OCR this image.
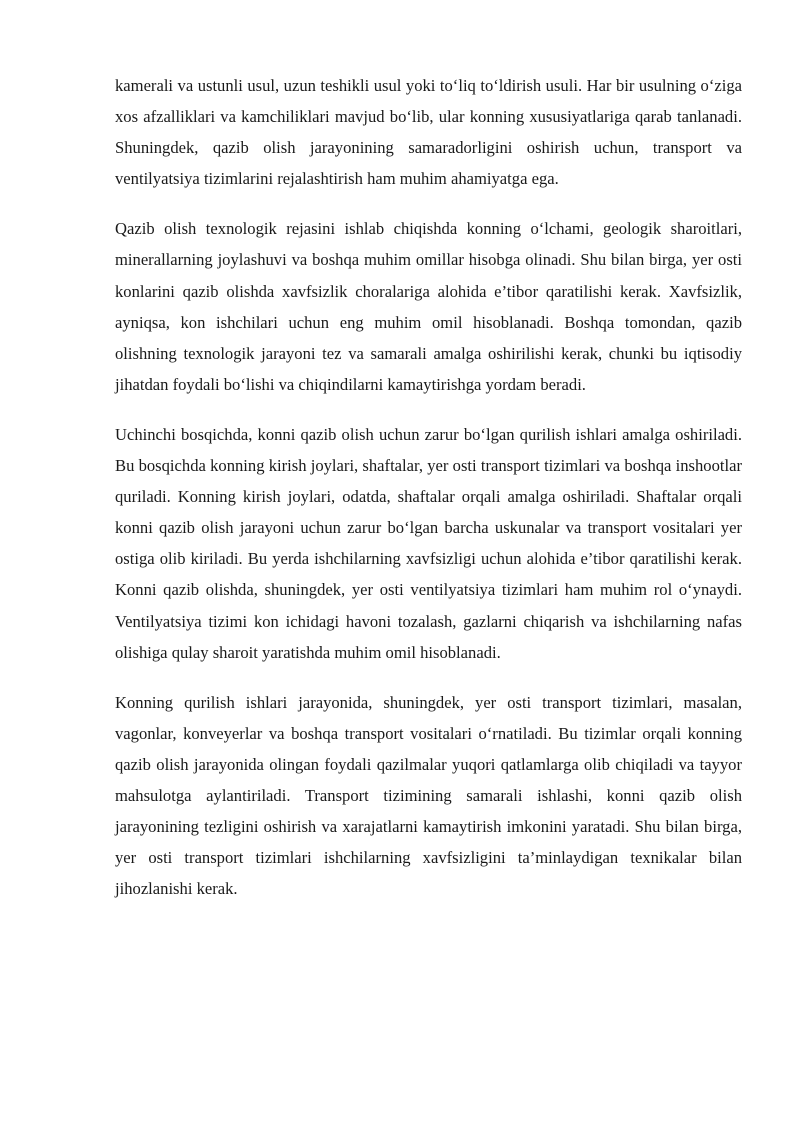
kamerali va ustunli usul, uzun teshikli usul yoki to‘liq to‘ldirish usuli. Har bir usulning o‘ziga xos afzalliklari va kamchiliklari mavjud bo‘lib, ular konning xususiyatlariga qarab tanlanadi. Shuningdek, qazib olish jarayonining samaradorligini oshirish uchun, transport va ventilyatsiya tizimlarini rejalashtirish ham muhim ahamiyatga ega.

Qazib olish texnologik rejasini ishlab chiqishda konning o‘lchami, geologik sharoitlari, minerallarning joylashuvi va boshqa muhim omillar hisobga olinadi. Shu bilan birga, yer osti konlarini qazib olishda xavfsizlik choralariga alohida e’tibor qaratilishi kerak. Xavfsizlik, ayniqsa, kon ishchilari uchun eng muhim omil hisoblanadi. Boshqa tomondan, qazib olishning texnologik jarayoni tez va samarali amalga oshirilishi kerak, chunki bu iqtisodiy jihatdan foydali bo‘lishi va chiqindilarni kamaytirishga yordam beradi.

Uchinchi bosqichda, konni qazib olish uchun zarur bo‘lgan qurilish ishlari amalga oshiriladi. Bu bosqichda konning kirish joylari, shaftalar, yer osti transport tizimlari va boshqa inshootlar quriladi. Konning kirish joylari, odatda, shaftalar orqali amalga oshiriladi. Shaftalar orqali konni qazib olish jarayoni uchun zarur bo‘lgan barcha uskunalar va transport vositalari yer ostiga olib kiriladi. Bu yerda ishchilarning xavfsizligi uchun alohida e’tibor qaratilishi kerak. Konni qazib olishda, shuningdek, yer osti ventilyatsiya tizimlari ham muhim rol o‘ynaydi. Ventilyatsiya tizimi kon ichidagi havoni tozalash, gazlarni chiqarish va ishchilarning nafas olishiga qulay sharoit yaratishda muhim omil hisoblanadi.

Konning qurilish ishlari jarayonida, shuningdek, yer osti transport tizimlari, masalan, vagonlar, konveyerlar va boshqa transport vositalari o‘rnatiladi. Bu tizimlar orqali konning qazib olish jarayonida olingan foydali qazilmalar yuqori qatlamlarga olib chiqiladi va tayyor mahsulotga aylantiriladi. Transport tizimining samarali ishlashi, konni qazib olish jarayonining tezligini oshirish va xarajatlarni kamaytirish imkonini yaratadi. Shu bilan birga, yer osti transport tizimlari ishchilarning xavfsizligini ta’minlaydigan texnikalar bilan jihozlanishi kerak.
